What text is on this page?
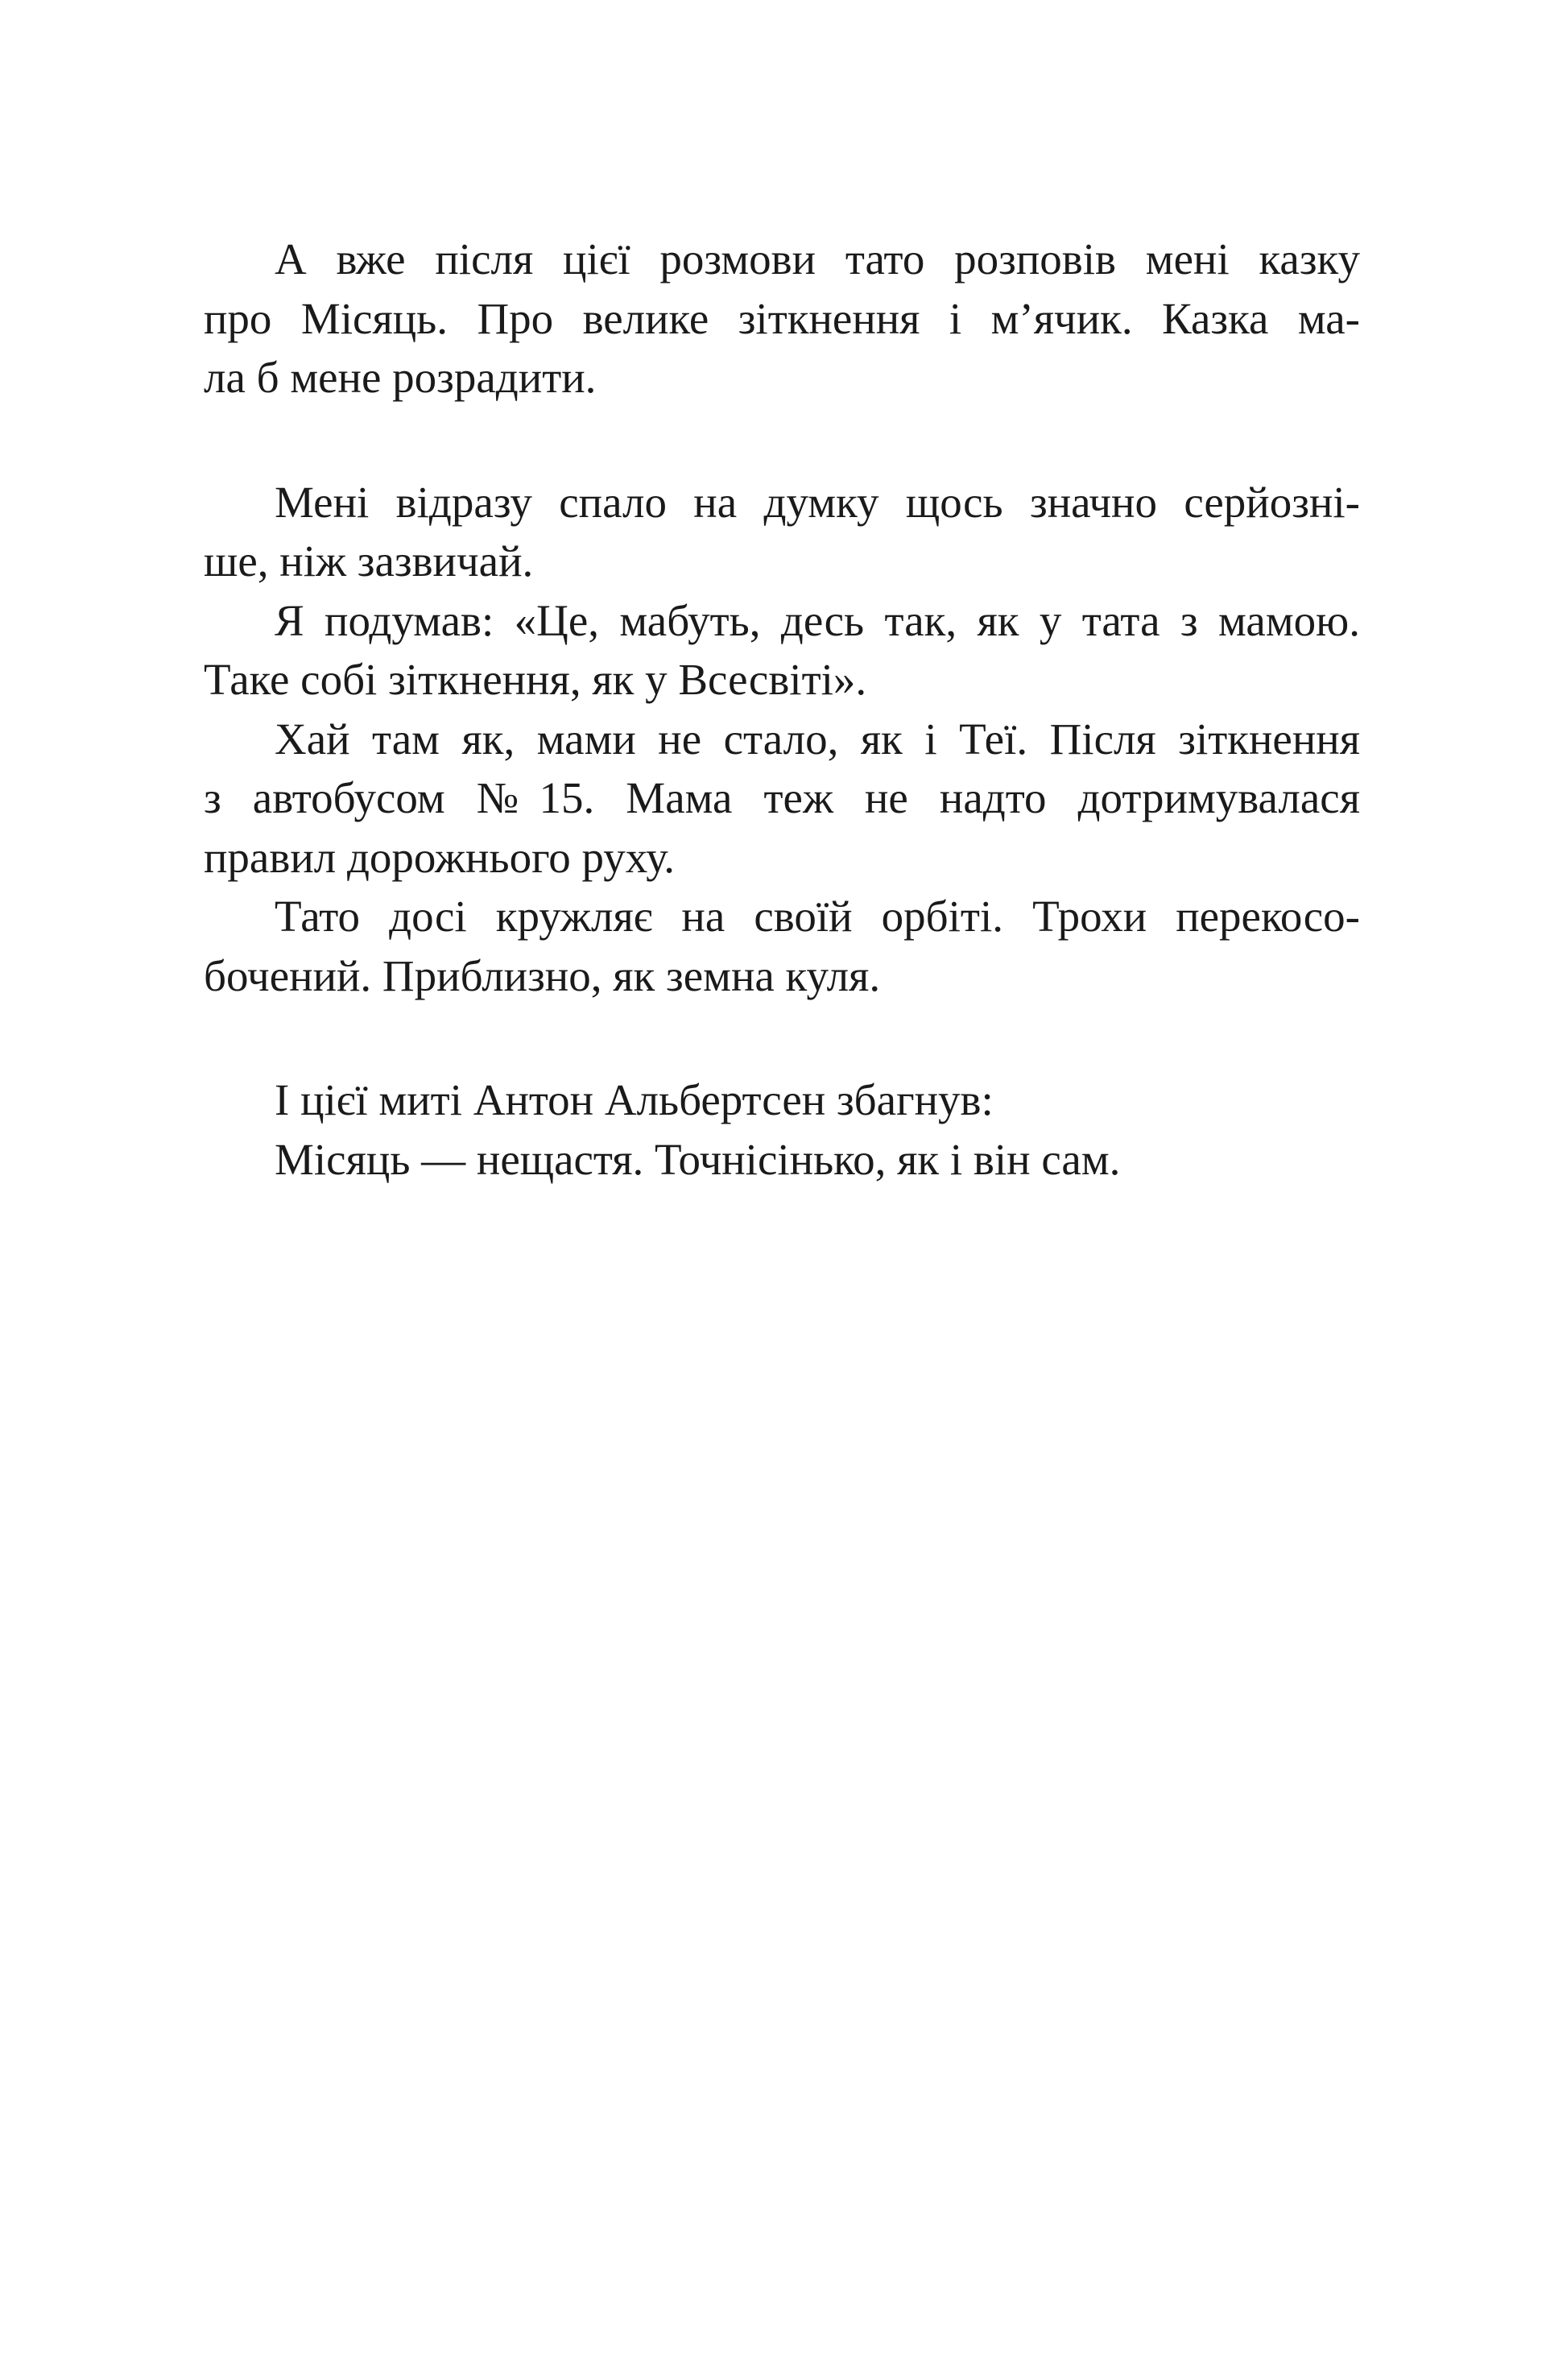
А вже після цієї розмови тато розповів мені казку
про Місяць. Про велике зіткнення і м’ячик. Казка ма-
ла б мене розрадити.
Мені відразу спало на думку щось значно серйозні-
ше, ніж зазвичай.
Я подумав: «Це, мабуть, десь так, як у тата з мамою.
Таке собі зіткнення, як у Всесвіті».
Хай там як, мами не стало, як і Теї. Після зіткнення
з автобусом №15. Мама теж не надто дотримувалася
правил дорожнього руху.
Тато досі кружляє на своїй орбіті. Трохи перекосо-
бочений. Приблизно, як земна куля.
І цієї миті Антон Альбертсен збагнув:
Місяць — нещастя. Точнісінько, як і він сам.
